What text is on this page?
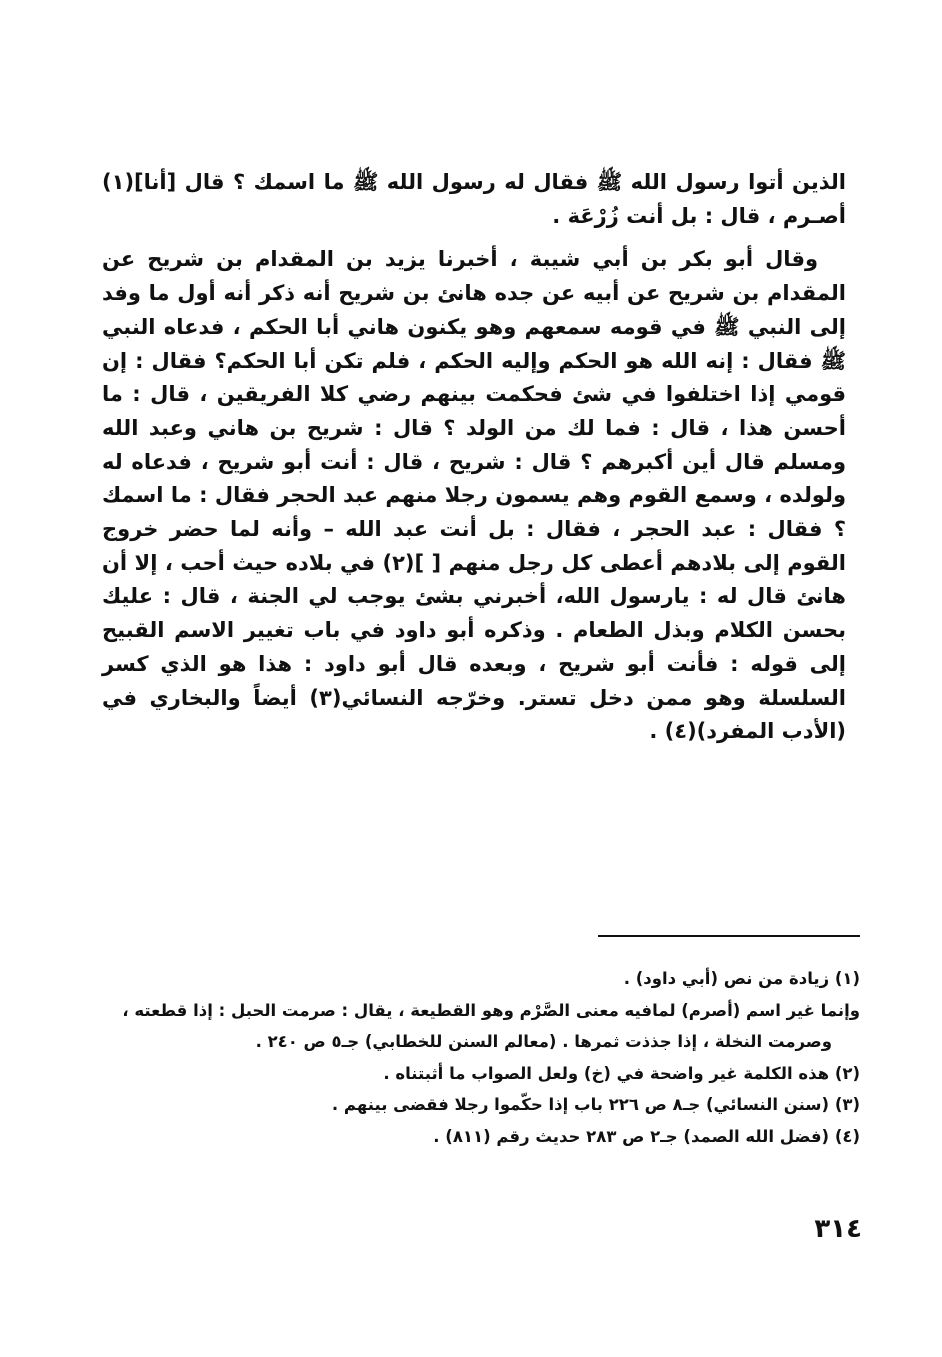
الذين أتوا رسول الله ﷺ فقال له رسول الله ﷺ ما اسمك ؟ قال [أنا](١) أصـرم ، قال : بل أنت زُرْعَة .

وقال أبو بكر بن أبي شيبة ، أخبرنا يزيد بن المقدام بن شريح عن المقدام بن شريح عن أبيه عن جده هانئ بن شريح أنه ذكر أنه أول ما وفد إلى النبي ﷺ في قومه سمعهم وهو يكنون هاني أبا الحكم ، فدعاه النبي ﷺ فقال : إنه الله هو الحكم وإليه الحكم ، فلم تكن أبا الحكم؟ فقال : إن قومي إذا اختلفوا في شئ فحكمت بينهم رضي كلا الفريقين ، قال : ما أحسن هذا ، قال : فما لك من الولد ؟ قال : شريح بن هاني وعبد الله ومسلم قال أين أكبرهم ؟ قال : شريح ، قال : أنت أبو شريح ، فدعاه له ولولده ، وسمع القوم وهم يسمون رجلا منهم عبد الحجر فقال : ما اسمك ؟ فقال : عبد الحجر ، فقال : بل أنت عبد الله – وأنه لما حضر خروج القوم إلى بلادهم أعطى كل رجل منهم [ ](٢) في بلاده حيث أحب ، إلا أن هانئ قال له : يارسول الله، أخبرني بشئ يوجب لي الجنة ، قال : عليك بحسن الكلام وبذل الطعام . وذكره أبو داود في باب تغيير الاسم القبيح إلى قوله : فأنت أبو شريح ، وبعده قال أبو داود : هذا هو الذي كسر السلسلة وهو ممن دخل تستر. وخرّجه النسائي(٣) أيضاً والبخاري في (الأدب المفرد)(٤) .

(١) زيادة من نص (أبي داود) .

وإنما غير اسم (أصرم) لمافيه معنى الصَّرْم وهو القطيعة ، يقال : صرمت الحبل : إذا قطعته ،

وصرمت النخلة ، إذا جذذت ثمرها . (معالم السنن للخطابي) جـ٥ ص ٢٤٠ .

(٢) هذه الكلمة غير واضحة في (خ) ولعل الصواب ما أثبتناه .

(٣) (سنن النسائي) جـ٨ ص ٢٢٦ باب إذا حكّموا رجلا فقضى بينهم .

(٤) (فضل الله الصمد) جـ٢ ص ٢٨٣ حديث رقم (٨١١) .

٣١٤
